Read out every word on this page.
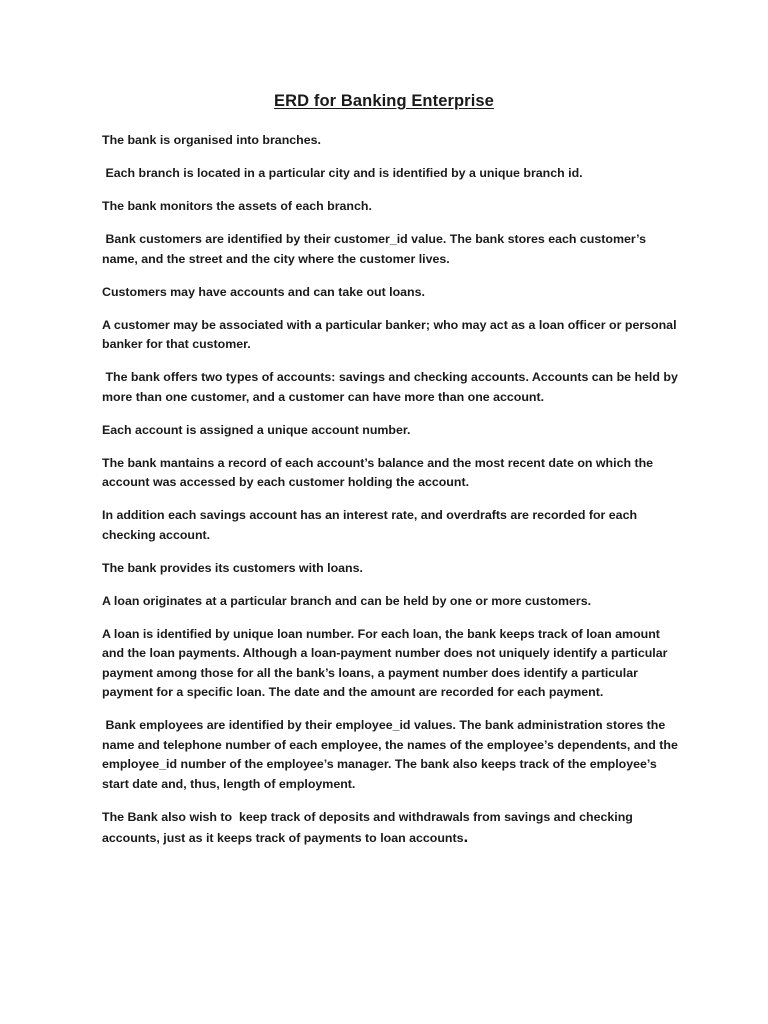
ERD for Banking Enterprise

The bank is organised into branches.

Each branch is located in a particular city and is identified by a unique branch id.

The bank monitors the assets of each branch.

Bank customers are identified by their customer_id value. The bank stores each customer’s name, and the street and the city where the customer lives.

Customers may have accounts and can take out loans.

A customer may be associated with a particular banker; who may act as a loan officer or personal banker for that customer.

The bank offers two types of accounts: savings and checking accounts. Accounts can be held by more than one customer, and a customer can have more than one account.

Each account is assigned a unique account number.

The bank mantains a record of each account’s balance and the most recent date on which the account was accessed by each customer holding the account.

In addition each savings account has an interest rate, and overdrafts are recorded for each checking account.

The bank provides its customers with loans.

A loan originates at a particular branch and can be held by one or more customers.

A loan is identified by unique loan number. For each loan, the bank keeps track of loan amount and the loan payments. Although a loan-payment number does not uniquely identify a particular payment among those for all the bank’s loans, a payment number does identify a particular payment for a specific loan. The date and the amount are recorded for each payment.

Bank employees are identified by their employee_id values. The bank administration stores the name and telephone number of each employee, the names of the employee’s dependents, and the employee_id number of the employee’s manager. The bank also keeps track of the employee’s start date and, thus, length of employment.

The Bank also wish to  keep track of deposits and withdrawals from savings and checking accounts, just as it keeps track of payments to loan accounts.
